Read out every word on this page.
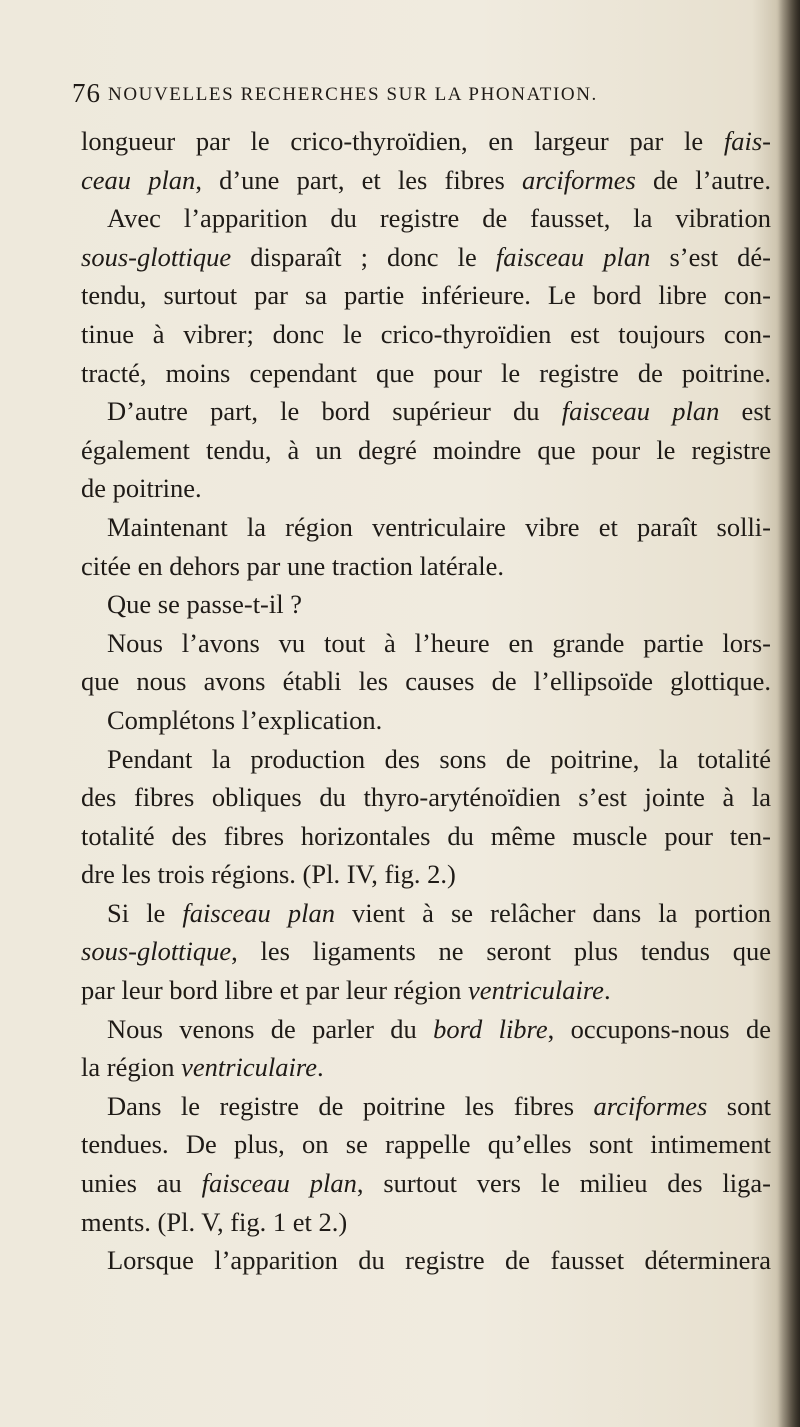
76 NOUVELLES RECHERCHES SUR LA PHONATION.
longueur par le crico-thyroïdien, en largeur par le fais-
ceau plan, d’une part, et les fibres arciformes de l’autre.
Avec l’apparition du registre de fausset, la vibration
sous-glottique disparaît ; donc le faisceau plan s’est dé-
tendu, surtout par sa partie inférieure. Le bord libre con-
tinue à vibrer; donc le crico-thyroïdien est toujours con-
tracté, moins cependant que pour le registre de poitrine.
D’autre part, le bord supérieur du faisceau plan est
également tendu, à un degré moindre que pour le registre
de poitrine.
Maintenant la région ventriculaire vibre et paraît solli-
citée en dehors par une traction latérale.
Que se passe-t-il ?
Nous l’avons vu tout à l’heure en grande partie lors-
que nous avons établi les causes de l’ellipsoïde glottique.
Complétons l’explication.
Pendant la production des sons de poitrine, la totalité
des fibres obliques du thyro-aryténoïdien s’est jointe à la
totalité des fibres horizontales du même muscle pour ten-
dre les trois régions. (Pl. IV, fig. 2.)
Si le faisceau plan vient à se relâcher dans la portion
sous-glottique, les ligaments ne seront plus tendus que
par leur bord libre et par leur région ventriculaire.
Nous venons de parler du bord libre, occupons-nous de
la région ventriculaire.
Dans le registre de poitrine les fibres arciformes sont
tendues. De plus, on se rappelle qu’elles sont intimement
unies au faisceau plan, surtout vers le milieu des liga-
ments. (Pl. V, fig. 1 et 2.)
Lorsque l’apparition du registre de fausset déterminera
